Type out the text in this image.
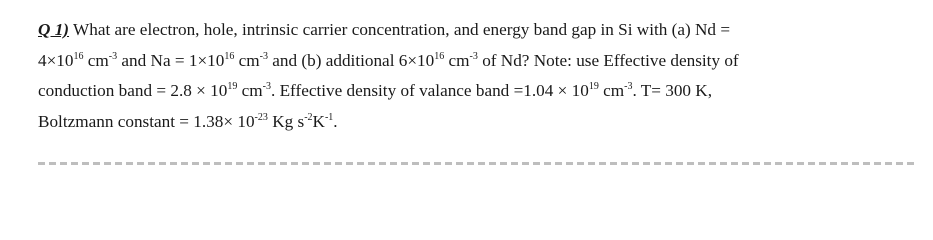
Q 1) What are electron, hole, intrinsic carrier concentration, and energy band gap in Si with (a) Nd =
$4\times 10^{16}$ $cm^{-3}$ and $Na = 1\times 10^{16}$ $cm^{-3}$ and (b) additional $6\times 10^{16}$ $cm^{-3}$ of Nd? Note: use Effective density of
conduction band = $2.8 \times 10^{19}$ $cm^{-3}$. Effective density of valance band $=1.04 \times 10^{19}$ $cm^{-3}$. T= 300 K,
Boltzmann constant = $1.38\times 10^{-23}$ Kg $s^{-2}K^{-1}$.
